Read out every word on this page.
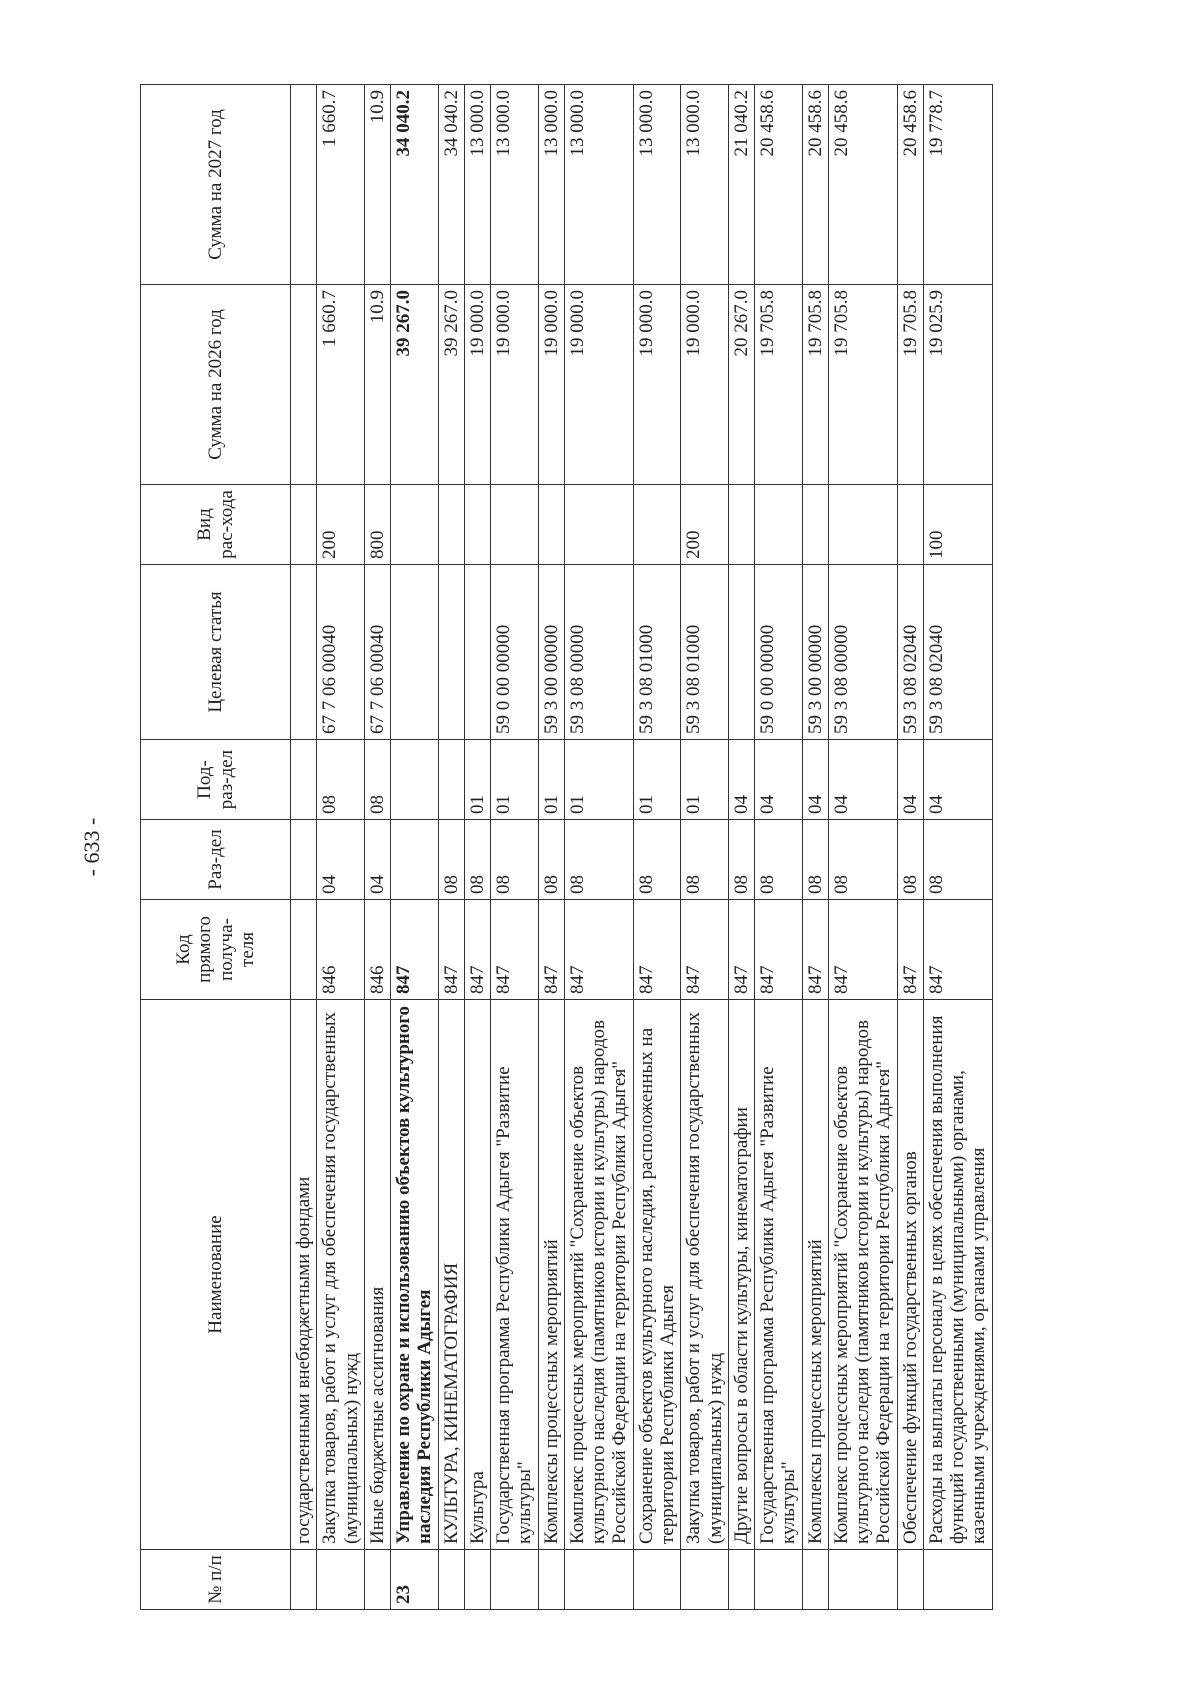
- 633 -
№ п/п	Наименование	Код прямого получа-теля	Раз-дел	Под-раз-дел	Целевая статья	Вид рас-хода	Сумма на 2026 год	Сумма на 2027 год
	государственными внебюджетными фондами							
	Закупка товаров, работ и услуг для обеспечения государственных (муниципальных) нужд	846	04	08	67 7 06 00040	200	1 660.7	1 660.7
	Иные бюджетные ассигнования	846	04	08	67 7 06 00040	800	10.9	10.9
23	Управление по охране и использованию объектов культурного наследия Республики Адыгея	847					39 267.0	34 040.2
	КУЛЬТУРА, КИНЕМАТОГРАФИЯ	847	08				39 267.0	34 040.2
	Культура	847	08	01			19 000.0	13 000.0
	Государственная программа Республики Адыгея "Развитие культуры"	847	08	01	59 0 00 00000		19 000.0	13 000.0
	Комплексы процессных мероприятий	847	08	01	59 3 00 00000		19 000.0	13 000.0
	Комплекс процессных мероприятий "Сохранение объектов культурного наследия (памятников истории и культуры) народов Российской Федерации на территории Республики Адыгея"	847	08	01	59 3 08 00000		19 000.0	13 000.0
	Сохранение объектов культурного наследия, расположенных на территории Республики Адыгея	847	08	01	59 3 08 01000		19 000.0	13 000.0
	Закупка товаров, работ и услуг для обеспечения государственных (муниципальных) нужд	847	08	01	59 3 08 01000	200	19 000.0	13 000.0
	Другие вопросы в области культуры, кинематографии	847	08	04			20 267.0	21 040.2
	Государственная программа Республики Адыгея "Развитие культуры"	847	08	04	59 0 00 00000		19 705.8	20 458.6
	Комплексы процессных мероприятий	847	08	04	59 3 00 00000		19 705.8	20 458.6
	Комплекс процессных мероприятий "Сохранение объектов культурного наследия (памятников истории и культуры) народов Российской Федерации на территории Республики Адыгея"	847	08	04	59 3 08 00000		19 705.8	20 458.6
	Обеспечение функций государственных органов	847	08	04	59 3 08 02040		19 705.8	20 458.6
	Расходы на выплаты персоналу в целях обеспечения выполнения функций государственными (муниципальными) органами, казенными учреждениями, органами управления	847	08	04	59 3 08 02040	100	19 025.9	19 778.7
